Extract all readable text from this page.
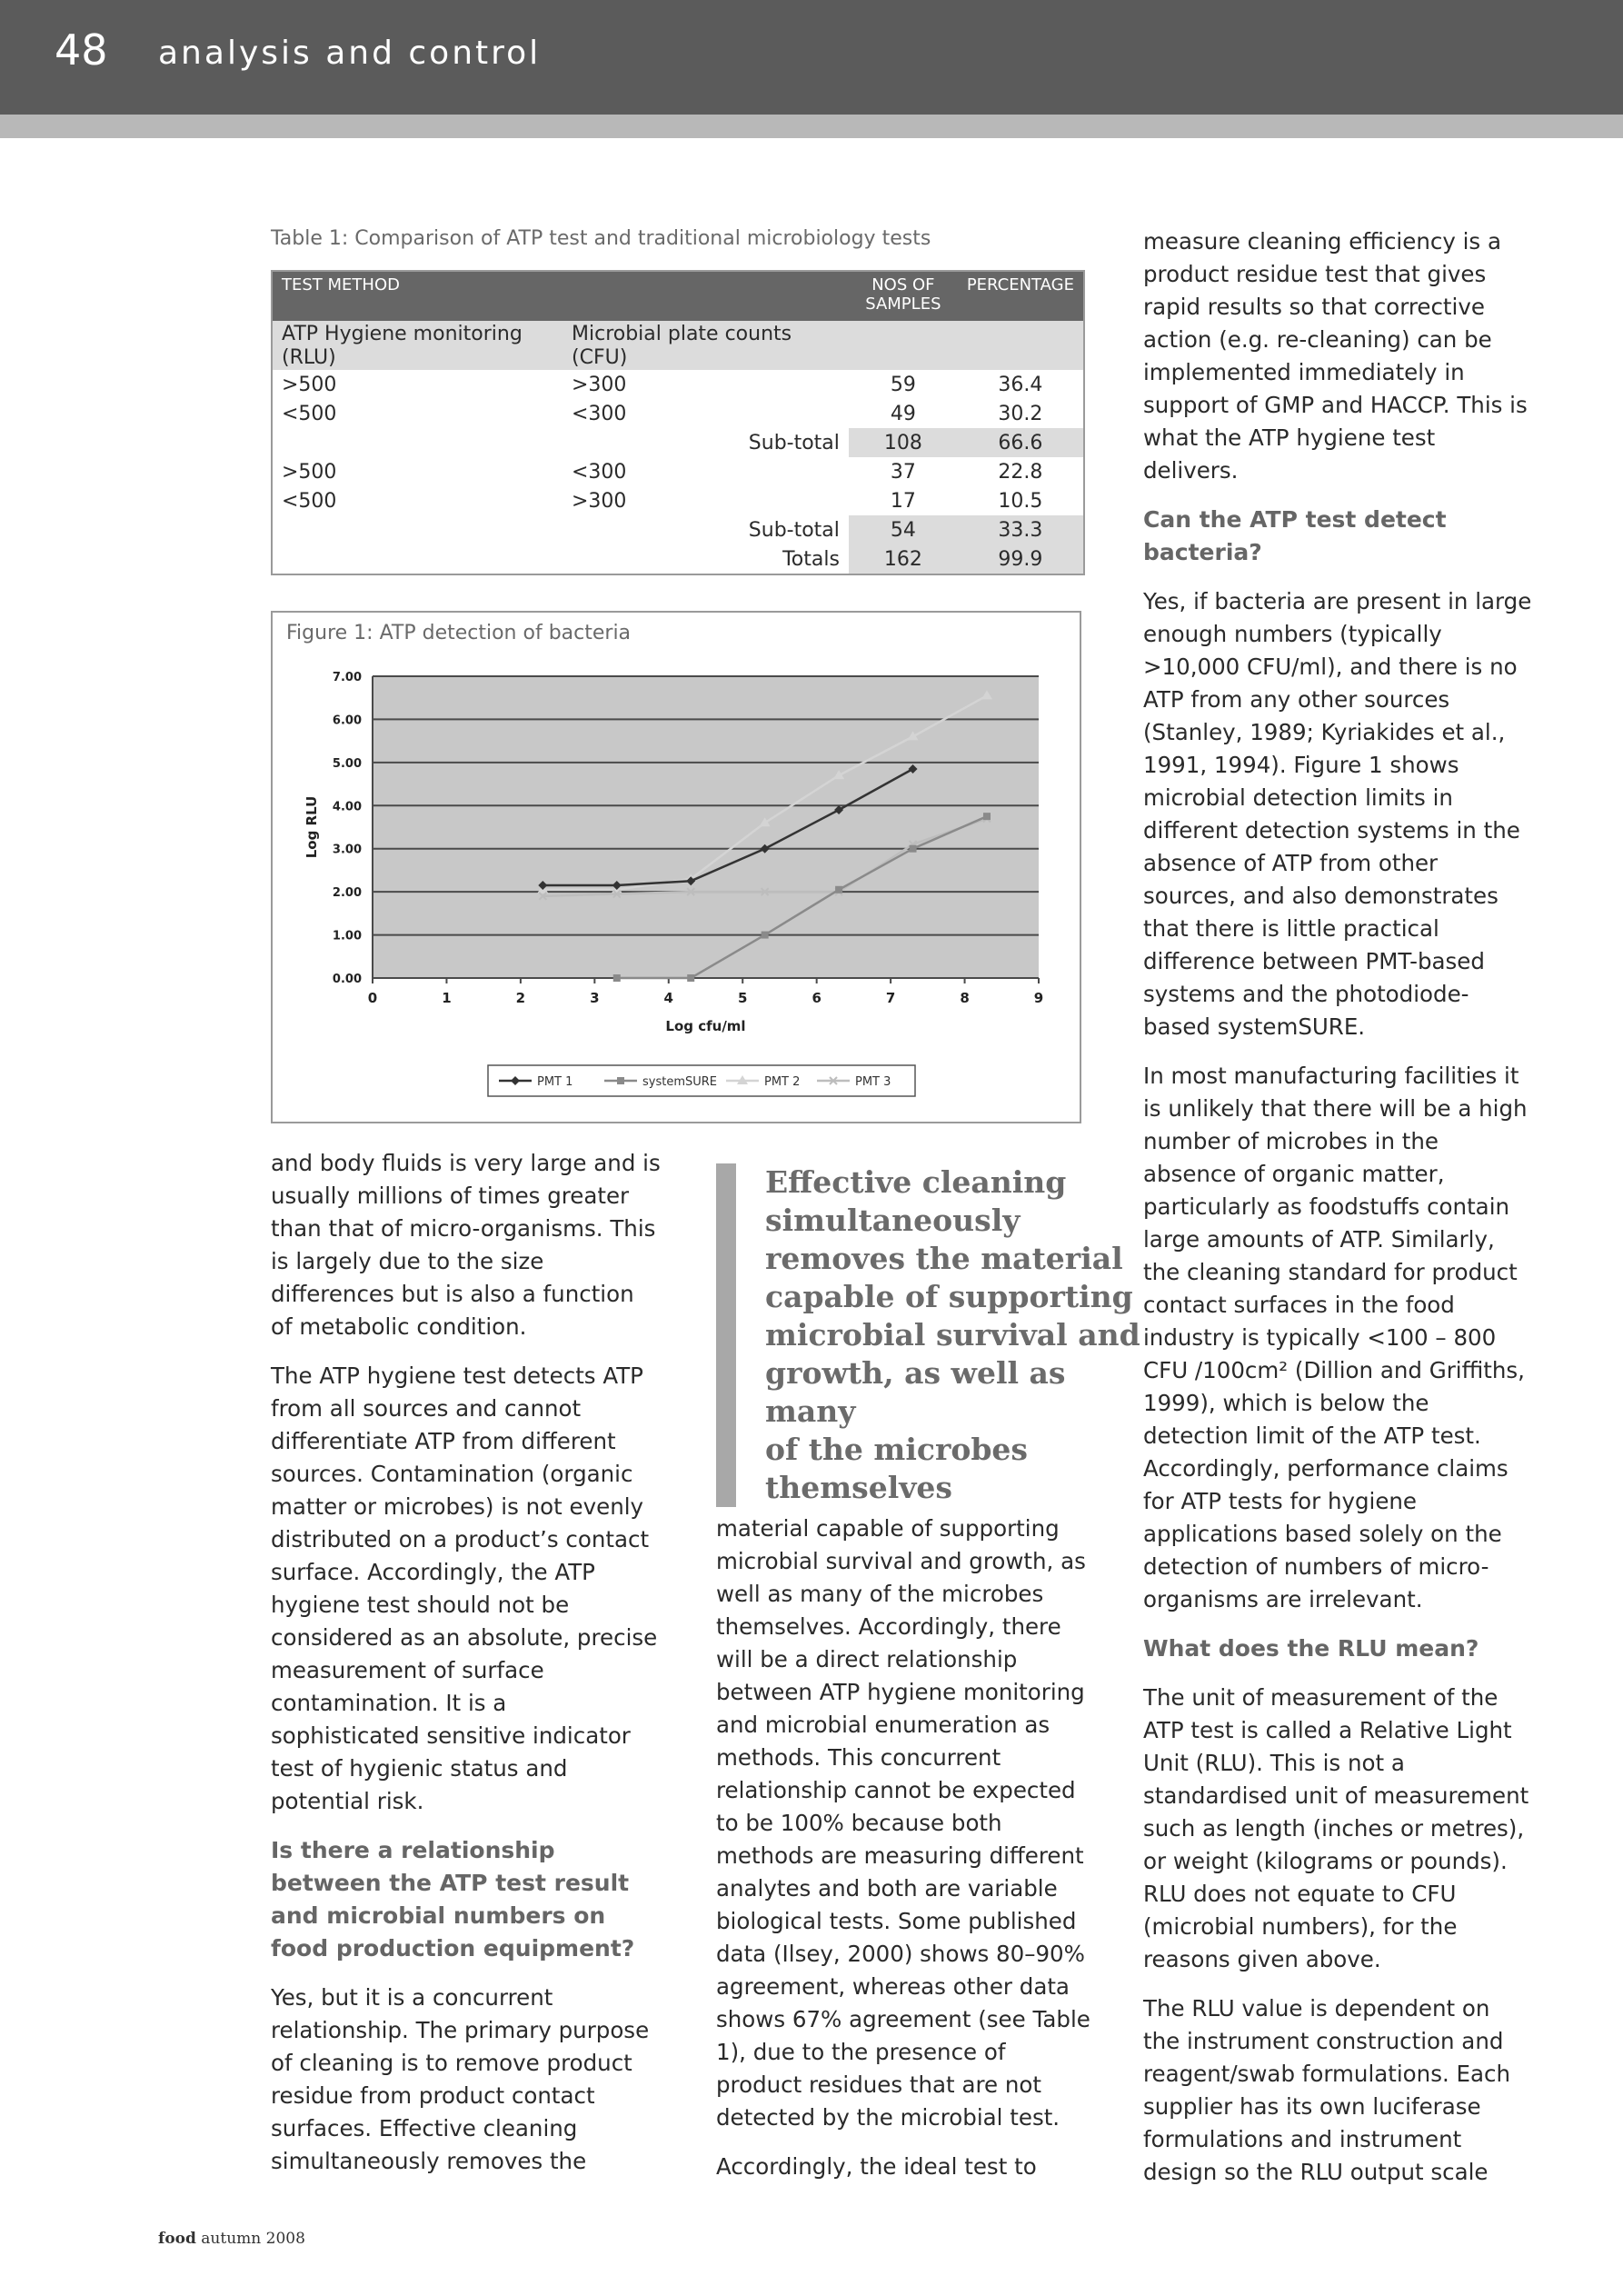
48 analysis and control
Table 1: Comparison of ATP test and traditional microbiology tests
TEST METHOD		NOS OF SAMPLES	PERCENTAGE
ATP Hygiene monitoring (RLU)	Microbial plate counts (CFU)		
>500	>300	59	36.4
<500	<300	49	30.2
	Sub-total	108	66.6
>500	<300	37	22.8
<500	>300	17	10.5
	Sub-total	54	33.3
	Totals	162	99.9
Figure 1: ATP detection of bacteria
0.00
1.00
2.00
3.00
4.00
5.00
6.00
7.00
0	1	2	3	4	5	6	7	8	9
Log cfu/ml
Log RLU
PMT 1	systemSURE	PMT 2	PMT 3

and body fluids is very large and is usually millions of times greater than that of micro-organisms. This is largely due to the size differences but is also a function of metabolic condition.

The ATP hygiene test detects ATP from all sources and cannot differentiate ATP from different sources. Contamination (organic matter or microbes) is not evenly distributed on a product’s contact surface. Accordingly, the ATP hygiene test should not be considered as an absolute, precise measurement of surface contamination. It is a sophisticated sensitive indicator test of hygienic status and potential risk.

Is there a relationship between the ATP test result and microbial numbers on food production equipment?

Yes, but it is a concurrent relationship. The primary purpose of cleaning is to remove product residue from product contact surfaces. Effective cleaning simultaneously removes the

Effective cleaning
simultaneously
removes the material
capable of supporting
microbial survival and
growth, as well as many
of the microbes
themselves

material capable of supporting microbial survival and growth, as well as many of the microbes themselves. Accordingly, there will be a direct relationship between ATP hygiene monitoring and microbial enumeration as methods. This concurrent relationship cannot be expected to be 100% because both methods are measuring different analytes and both are variable biological tests. Some published data (Ilsey, 2000) shows 80–90% agreement, whereas other data shows 67% agreement (see Table 1), due to the presence of product residues that are not detected by the microbial test.

Accordingly, the ideal test to

measure cleaning efficiency is a product residue test that gives rapid results so that corrective action (e.g. re-cleaning) can be implemented immediately in support of GMP and HACCP. This is what the ATP hygiene test delivers.

Can the ATP test detect bacteria?

Yes, if bacteria are present in large enough numbers (typically >10,000 CFU/ml), and there is no ATP from any other sources (Stanley, 1989; Kyriakides et al., 1991, 1994). Figure 1 shows microbial detection limits in different detection systems in the absence of ATP from other sources, and also demonstrates that there is little practical difference between PMT-based systems and the photodiode-based systemSURE.

In most manufacturing facilities it is unlikely that there will be a high number of microbes in the absence of organic matter, particularly as foodstuffs contain large amounts of ATP. Similarly, the cleaning standard for product contact surfaces in the food industry is typically <100 – 800 CFU /100cm² (Dillion and Griffiths, 1999), which is below the detection limit of the ATP test. Accordingly, performance claims for ATP tests for hygiene applications based solely on the detection of numbers of micro-organisms are irrelevant.

What does the RLU mean?

The unit of measurement of the ATP test is called a Relative Light Unit (RLU). This is not a standardised unit of measurement such as length (inches or metres), or weight (kilograms or pounds). RLU does not equate to CFU (microbial numbers), for the reasons given above.

The RLU value is dependent on the instrument construction and reagent/swab formulations. Each supplier has its own luciferase formulations and instrument design so the RLU output scale

food autumn 2008
